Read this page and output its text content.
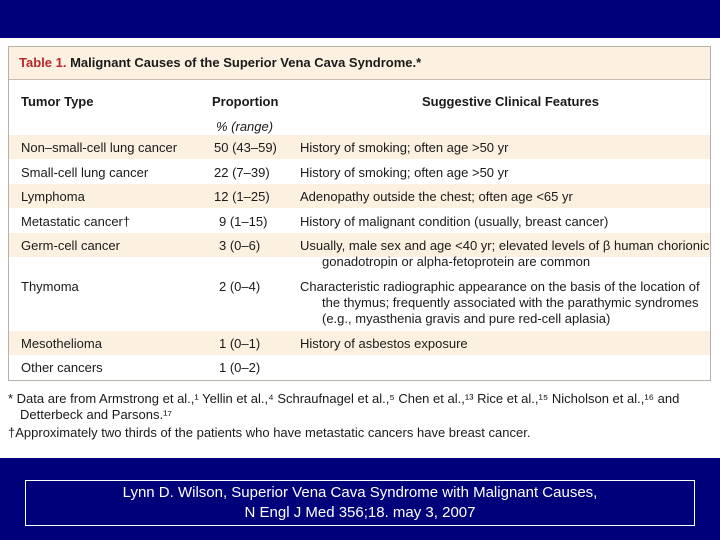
Table 1. Malignant Causes of the Superior Vena Cava Syndrome.*
Tumor Type	Proportion	Suggestive Clinical Features
% (range)
Non–small-cell lung cancer	50 (43–59) History of smoking; often age >50 yr
Small-cell lung cancer	22 (7–39) History of smoking; often age >50 yr
Lymphoma	12 (1–25) Adenopathy outside the chest; often age <65 yr
Metastatic cancer†	9 (1–15)	History of malignant condition (usually, breast cancer)
Germ-cell cancer	3 (0–6)	Usually, male sex and age <40 yr; elevated levels of β human chorionic
gonadotropin or alpha-fetoprotein are common
Thymoma	2 (0–4)	Characteristic radiographic appearance on the basis of the location of
the thymus; frequently associated with the parathymic syndromes
(e.g., myasthenia gravis and pure red-cell aplasia)
Mesothelioma	1 (0–1)	History of asbestos exposure
Other cancers	1 (0–2)
* Data are from Armstrong et al.,¹ Yellin et al.,⁴ Schraufnagel et al.,⁵ Chen et al.,¹³ Rice et al.,¹⁵ Nicholson et al.,¹⁶ and
Detterbeck and Parsons.¹⁷
†Approximately two thirds of the patients who have metastatic cancers have breast cancer.
Lynn D. Wilson, Superior Vena Cava Syndrome with Malignant Causes,
N Engl J Med 356;18. may 3, 2007
